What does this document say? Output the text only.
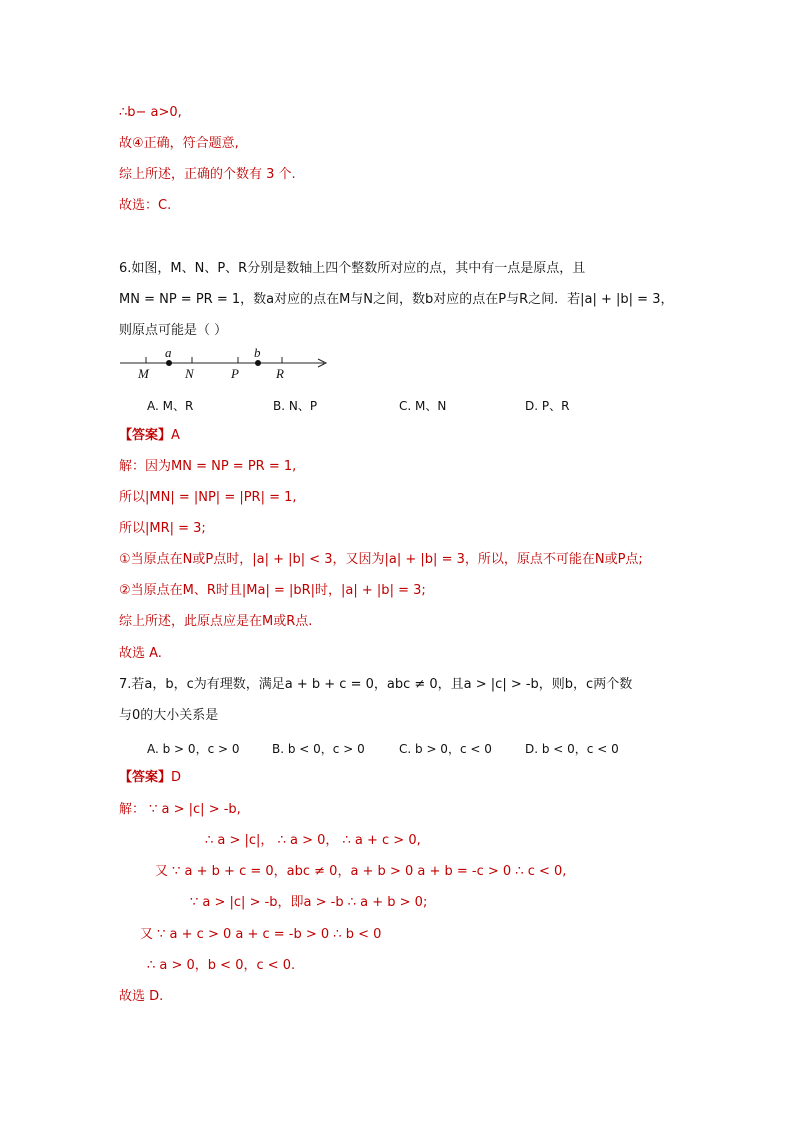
∴b− a>0,
故④正确，符合题意,
综上所述，正确的个数有 3 个.
故选：C.
6.如图，M、N、P、R分别是数轴上四个整数所对应的点，其中有一点是原点，且
MN = NP = PR = 1，数a对应的点在M与N之间，数b对应的点在P与R之间．若|a| + |b| = 3，
则原点可能是（ ）
a	b
M	N	P	R
A. M、R	B. N、P	C. M、N	D. P、R
【答案】A
解：因为MN = NP = PR = 1,
所以|MN| = |NP| = |PR| = 1,
所以|MR| = 3;
①当原点在N或P点时，|a| + |b| < 3，又因为|a| + |b| = 3，所以，原点不可能在N或P点;
②当原点在M、R时且|Ma| = |bR|时，|a| + |b| = 3;
综上所述，此原点应是在M或R点.
故选 A.
7.若a，b，c为有理数，满足a + b + c = 0，abc ≠ 0，且a > |c| > -b，则b，c两个数
与0的大小关系是
A. b > 0，c > 0	B. b < 0，c > 0	C. b > 0，c < 0	D. b < 0，c < 0
【答案】D
解： ∵ a > |c| > -b,
∴ a > |c|， ∴ a > 0， ∴ a + c > 0,
又 ∵ a + b + c = 0，abc ≠ 0，a + b > 0 a + b = -c > 0 ∴ c < 0,
∵ a > |c| > -b，即a > -b ∴ a + b > 0;
又 ∵ a + c > 0 a + c = -b > 0 ∴ b < 0
∴ a > 0，b < 0，c < 0.
故选 D.
